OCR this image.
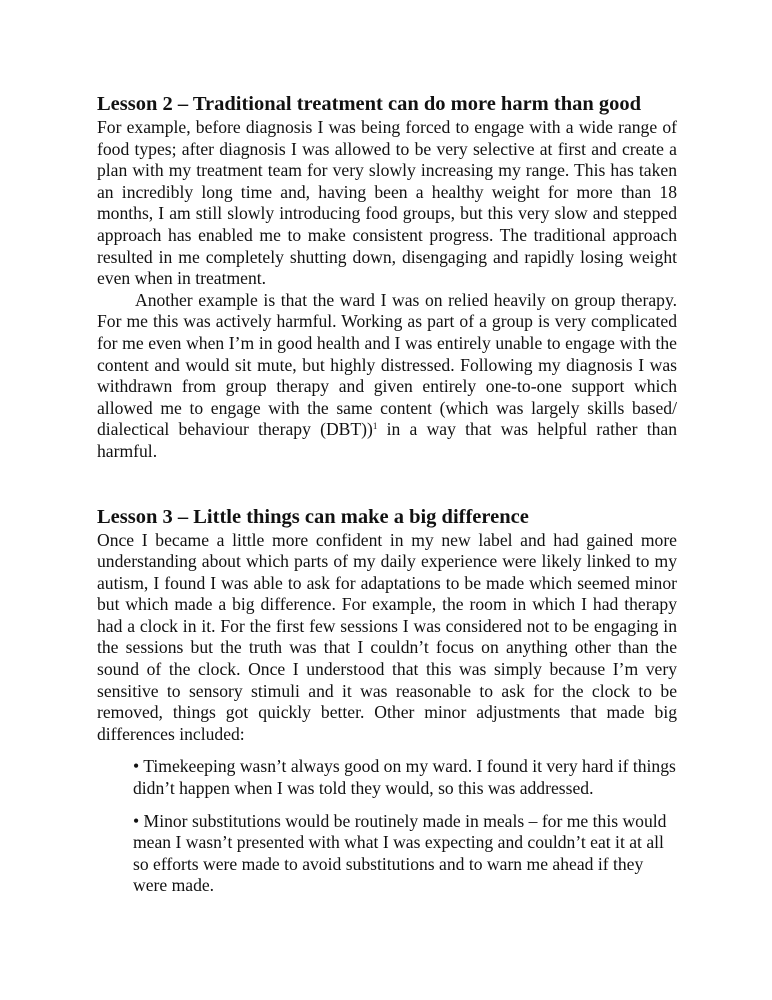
Lesson 2 – Traditional treatment can do more harm than good

For example, before diagnosis I was being forced to engage with a wide range of food types; after diagnosis I was allowed to be very selective at first and create a plan with my treatment team for very slowly increasing my range. This has taken an incredibly long time and, having been a healthy weight for more than 18 months, I am still slowly introducing food groups, but this very slow and stepped approach has enabled me to make consistent progress. The traditional approach resulted in me completely shutting down, disengaging and rapidly losing weight even when in treatment.

Another example is that the ward I was on relied heavily on group therapy. For me this was actively harmful. Working as part of a group is very complicated for me even when I’m in good health and I was entirely unable to engage with the content and would sit mute, but highly distressed. Following my diagnosis I was withdrawn from group therapy and given entirely one-to-one support which allowed me to engage with the same content (which was largely skills based/ dialectical behaviour therapy (DBT))$^1$ in a way that was helpful rather than harmful.

Lesson 3 – Little things can make a big difference

Once I became a little more confident in my new label and had gained more understanding about which parts of my daily experience were likely linked to my autism, I found I was able to ask for adaptations to be made which seemed minor but which made a big difference. For example, the room in which I had therapy had a clock in it. For the first few sessions I was considered not to be engaging in the sessions but the truth was that I couldn’t focus on anything other than the sound of the clock. Once I understood that this was simply because I’m very sensitive to sensory stimuli and it was reasonable to ask for the clock to be removed, things got quickly better. Other minor adjustments that made big differences included:

• Timekeeping wasn’t always good on my ward. I found it very hard if things didn’t happen when I was told they would, so this was addressed.
• Minor substitutions would be routinely made in meals – for me this would mean I wasn’t presented with what I was expecting and couldn’t eat it at all so efforts were made to avoid substitutions and to warn me ahead if they were made.
